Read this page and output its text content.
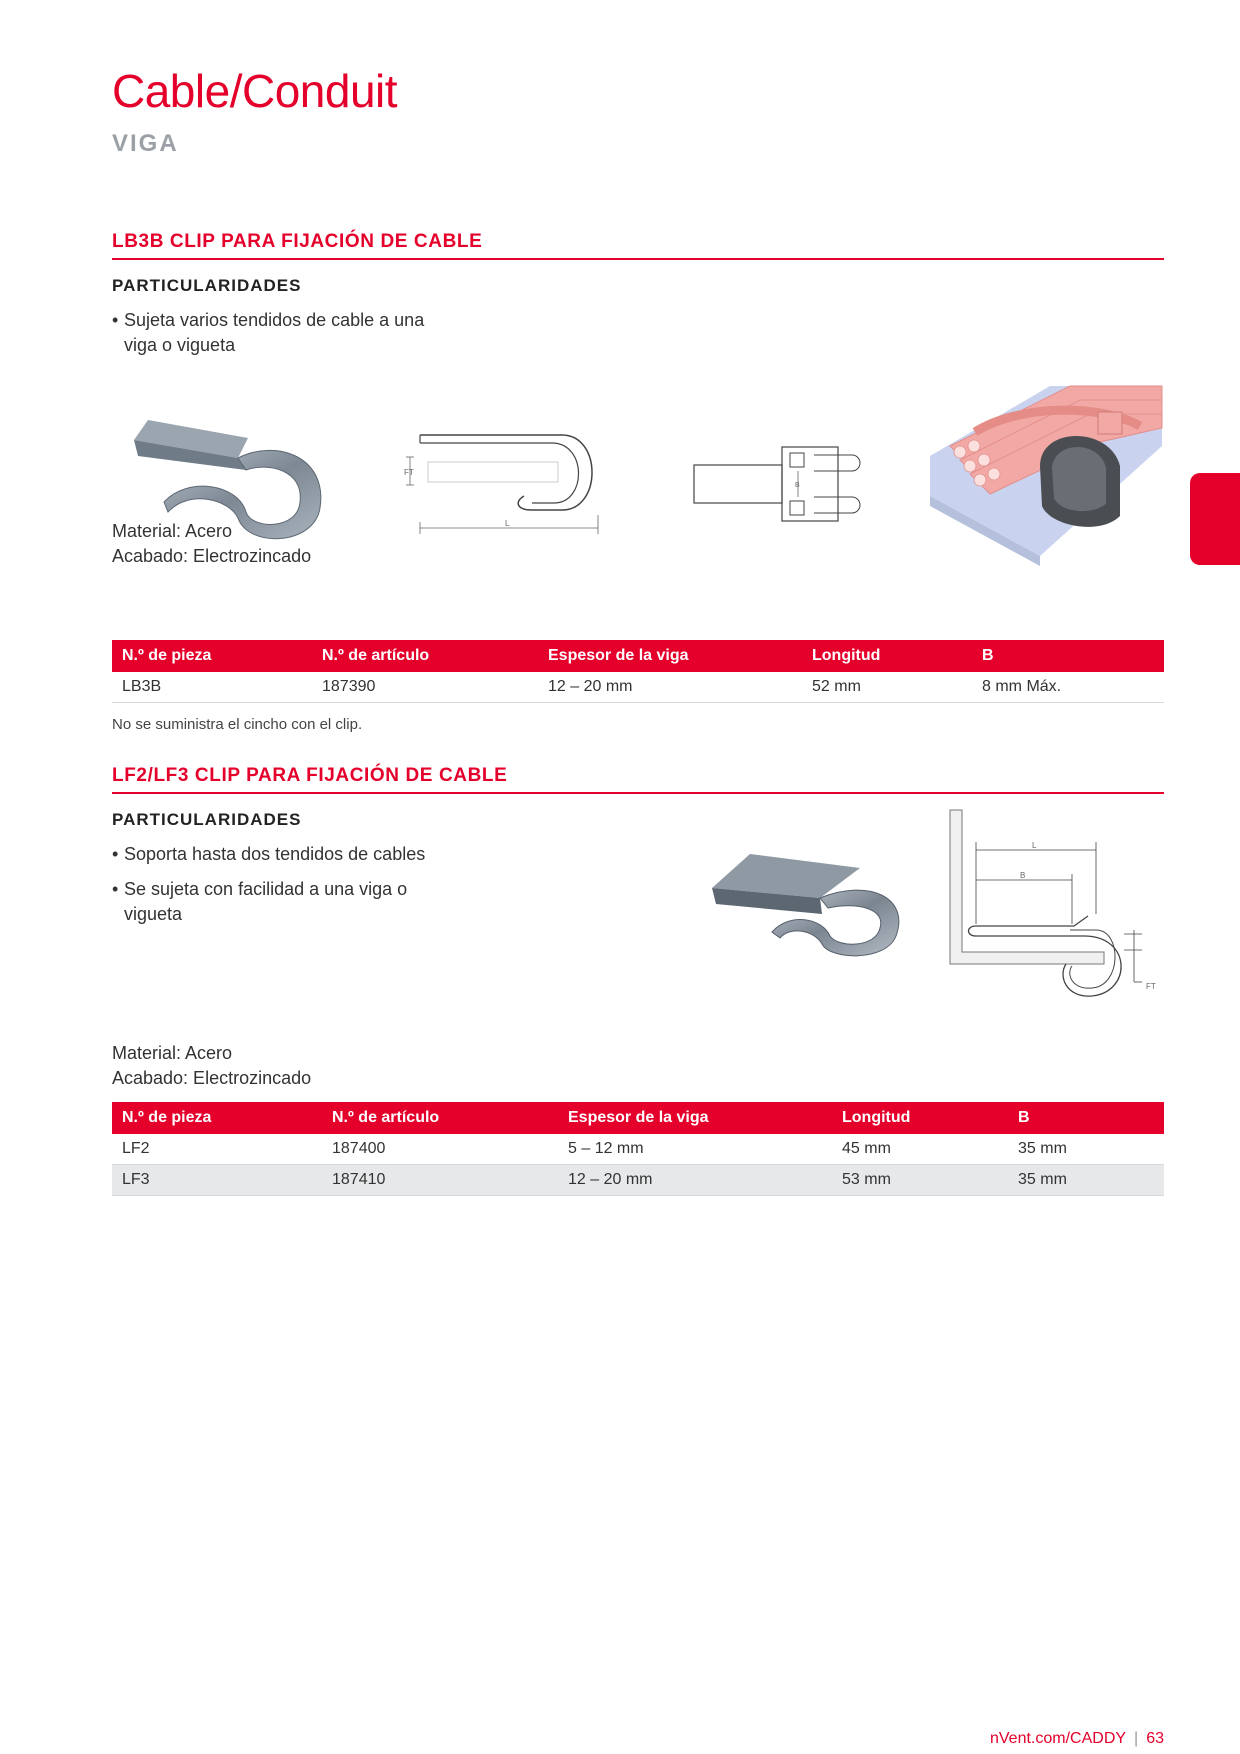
Cable/Conduit
VIGA
LB3B CLIP PARA FIJACIÓN DE CABLE
PARTICULARIDADES

• Sujeta varios tendidos de cable a una viga o vigueta

FT
L
B
Material: Acero
Acabado: Electrozincado
N.º de pieza	N.º de artículo	Espesor de la viga	Longitud	B
LB3B	187390	12 – 20 mm	52 mm	8 mm Máx.
No se suministra el cincho con el clip.
LF2/LF3 CLIP PARA FIJACIÓN DE CABLE
PARTICULARIDADES

• Soporta hasta dos tendidos de cables

• Se sujeta con facilidad a una viga o vigueta

L
B
FT
Material: Acero
Acabado: Electrozincado
N.º de pieza	N.º de artículo	Espesor de la viga	Longitud	B
LF2	187400	5 – 12 mm	45 mm	35 mm
LF3	187410	12 – 20 mm	53 mm	35 mm
nVent.com/CADDY | 63
